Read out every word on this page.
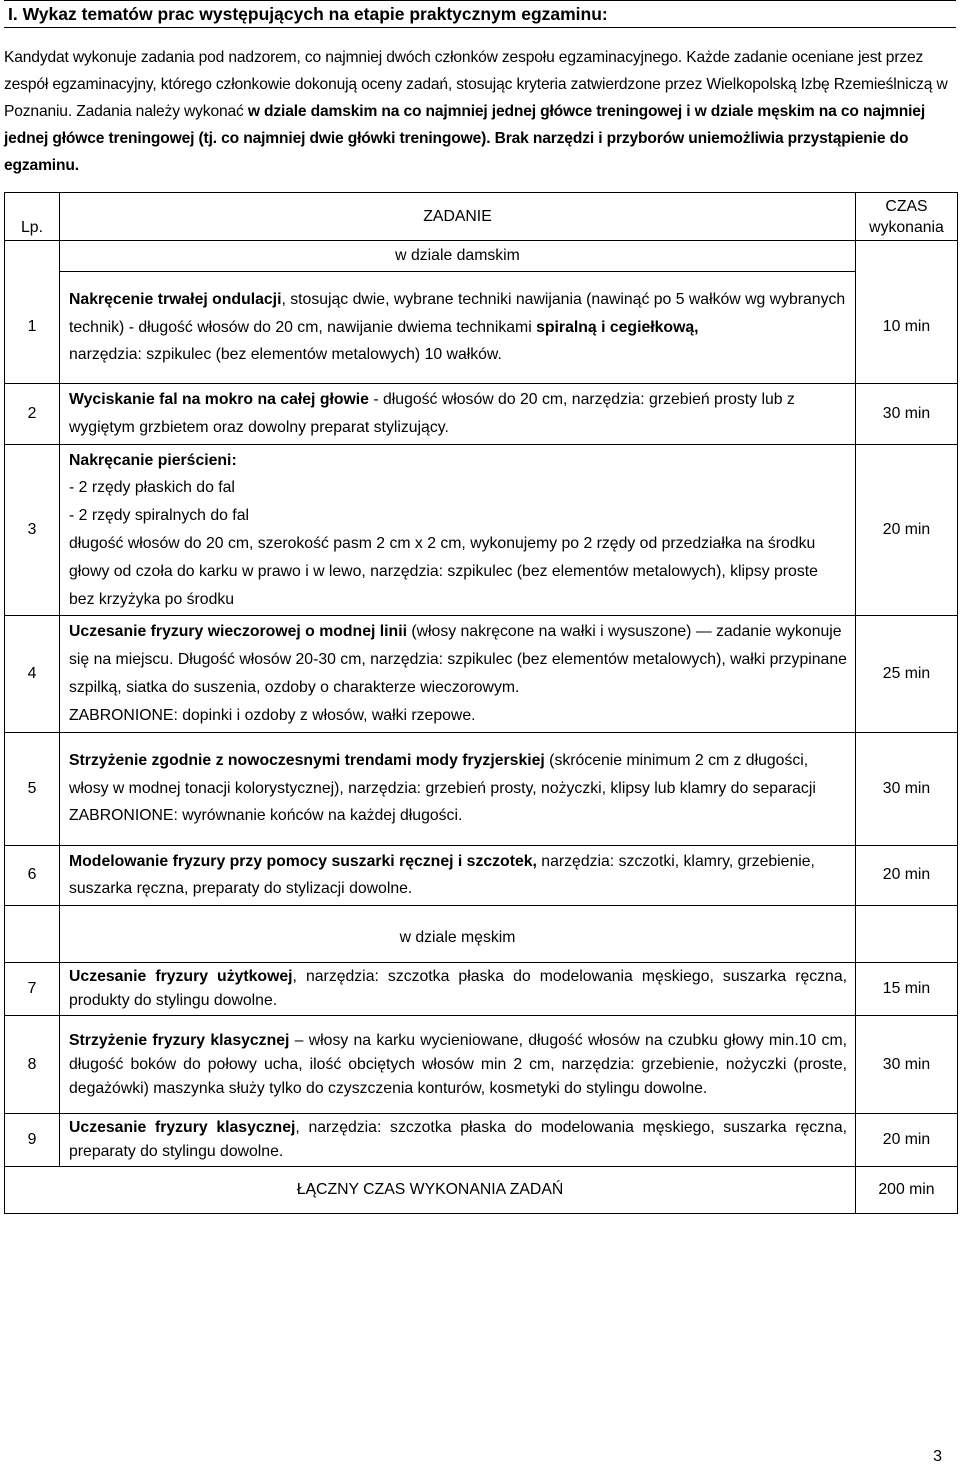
I. Wykaz tematów prac występujących na etapie praktycznym egzaminu:

Kandydat wykonuje zadania pod nadzorem, co najmniej dwóch członków zespołu egzaminacyjnego. Każde zadanie oceniane jest przez zespół egzaminacyjny, którego członkowie dokonują oceny zadań, stosując kryteria zatwierdzone przez Wielkopolską Izbę Rzemieślniczą w Poznaniu. Zadania należy wykonać w dziale damskim na co najmniej jednej główce treningowej i w dziale męskim na co najmniej jednej główce treningowej (tj. co najmniej dwie główki treningowe). Brak narzędzi i przyborów uniemożliwia przystąpienie do egzaminu.

Lp.	ZADANIE	CZAS
wykonania

	w dziale damskim	
1	Nakręcenie trwałej ondulacji, stosując dwie, wybrane techniki nawijania (nawinąć po 5 wałków wg wybranych technik) - długość włosów do 20 cm, nawijanie dwiema technikami spiralną i cegiełkową,
narzędzia: szpikulec (bez elementów metalowych) 10 wałków.	10 min
2	Wyciskanie fal na mokro na całej głowie - długość włosów do 20 cm, narzędzia: grzebień prosty lub z wygiętym grzbietem oraz dowolny preparat stylizujący.	30 min
3	Nakręcanie pierścieni:
- 2 rzędy płaskich do fal
- 2 rzędy spiralnych do fal
długość włosów do 20 cm, szerokość pasm 2 cm x 2 cm, wykonujemy po 2 rzędy od przedziałka na środku głowy od czoła do karku w prawo i w lewo, narzędzia: szpikulec (bez elementów metalowych), klipsy proste bez krzyżyka po środku	20 min
4	Uczesanie fryzury wieczorowej o modnej linii (włosy nakręcone na wałki i wysuszone) — zadanie wykonuje się na miejscu. Długość włosów 20-30 cm, narzędzia: szpikulec (bez elementów metalowych), wałki przypinane szpilką, siatka do suszenia, ozdoby o charakterze wieczorowym.
ZABRONIONE: dopinki i ozdoby z włosów, wałki rzepowe.	25 min
5	Strzyżenie zgodnie z nowoczesnymi trendami mody fryzjerskiej (skrócenie minimum 2 cm z długości, włosy w modnej tonacji kolorystycznej), narzędzia: grzebień prosty, nożyczki, klipsy lub klamry do separacji
ZABRONIONE: wyrównanie końców na każdej długości.	30 min
6	Modelowanie fryzury przy pomocy suszarki ręcznej i szczotek, narzędzia: szczotki, klamry, grzebienie, suszarka ręczna, preparaty do stylizacji dowolne.	20 min
	w dziale męskim	
7	Uczesanie fryzury użytkowej, narzędzia: szczotka płaska do modelowania męskiego, suszarka ręczna, produkty do stylingu dowolne.	15 min
8	Strzyżenie fryzury klasycznej – włosy na karku wycieniowane, długość włosów na czubku głowy min.10 cm, długość boków do połowy ucha, ilość obciętych włosów min 2 cm, narzędzia: grzebienie, nożyczki (proste, degażówki) maszynka służy tylko do czyszczenia konturów, kosmetyki do stylingu dowolne.	30 min
9	Uczesanie fryzury klasycznej, narzędzia: szczotka płaska do modelowania męskiego, suszarka ręczna, preparaty do stylingu dowolne.	20 min
ŁĄCZNY CZAS WYKONANIA ZADAŃ		200 min
3
